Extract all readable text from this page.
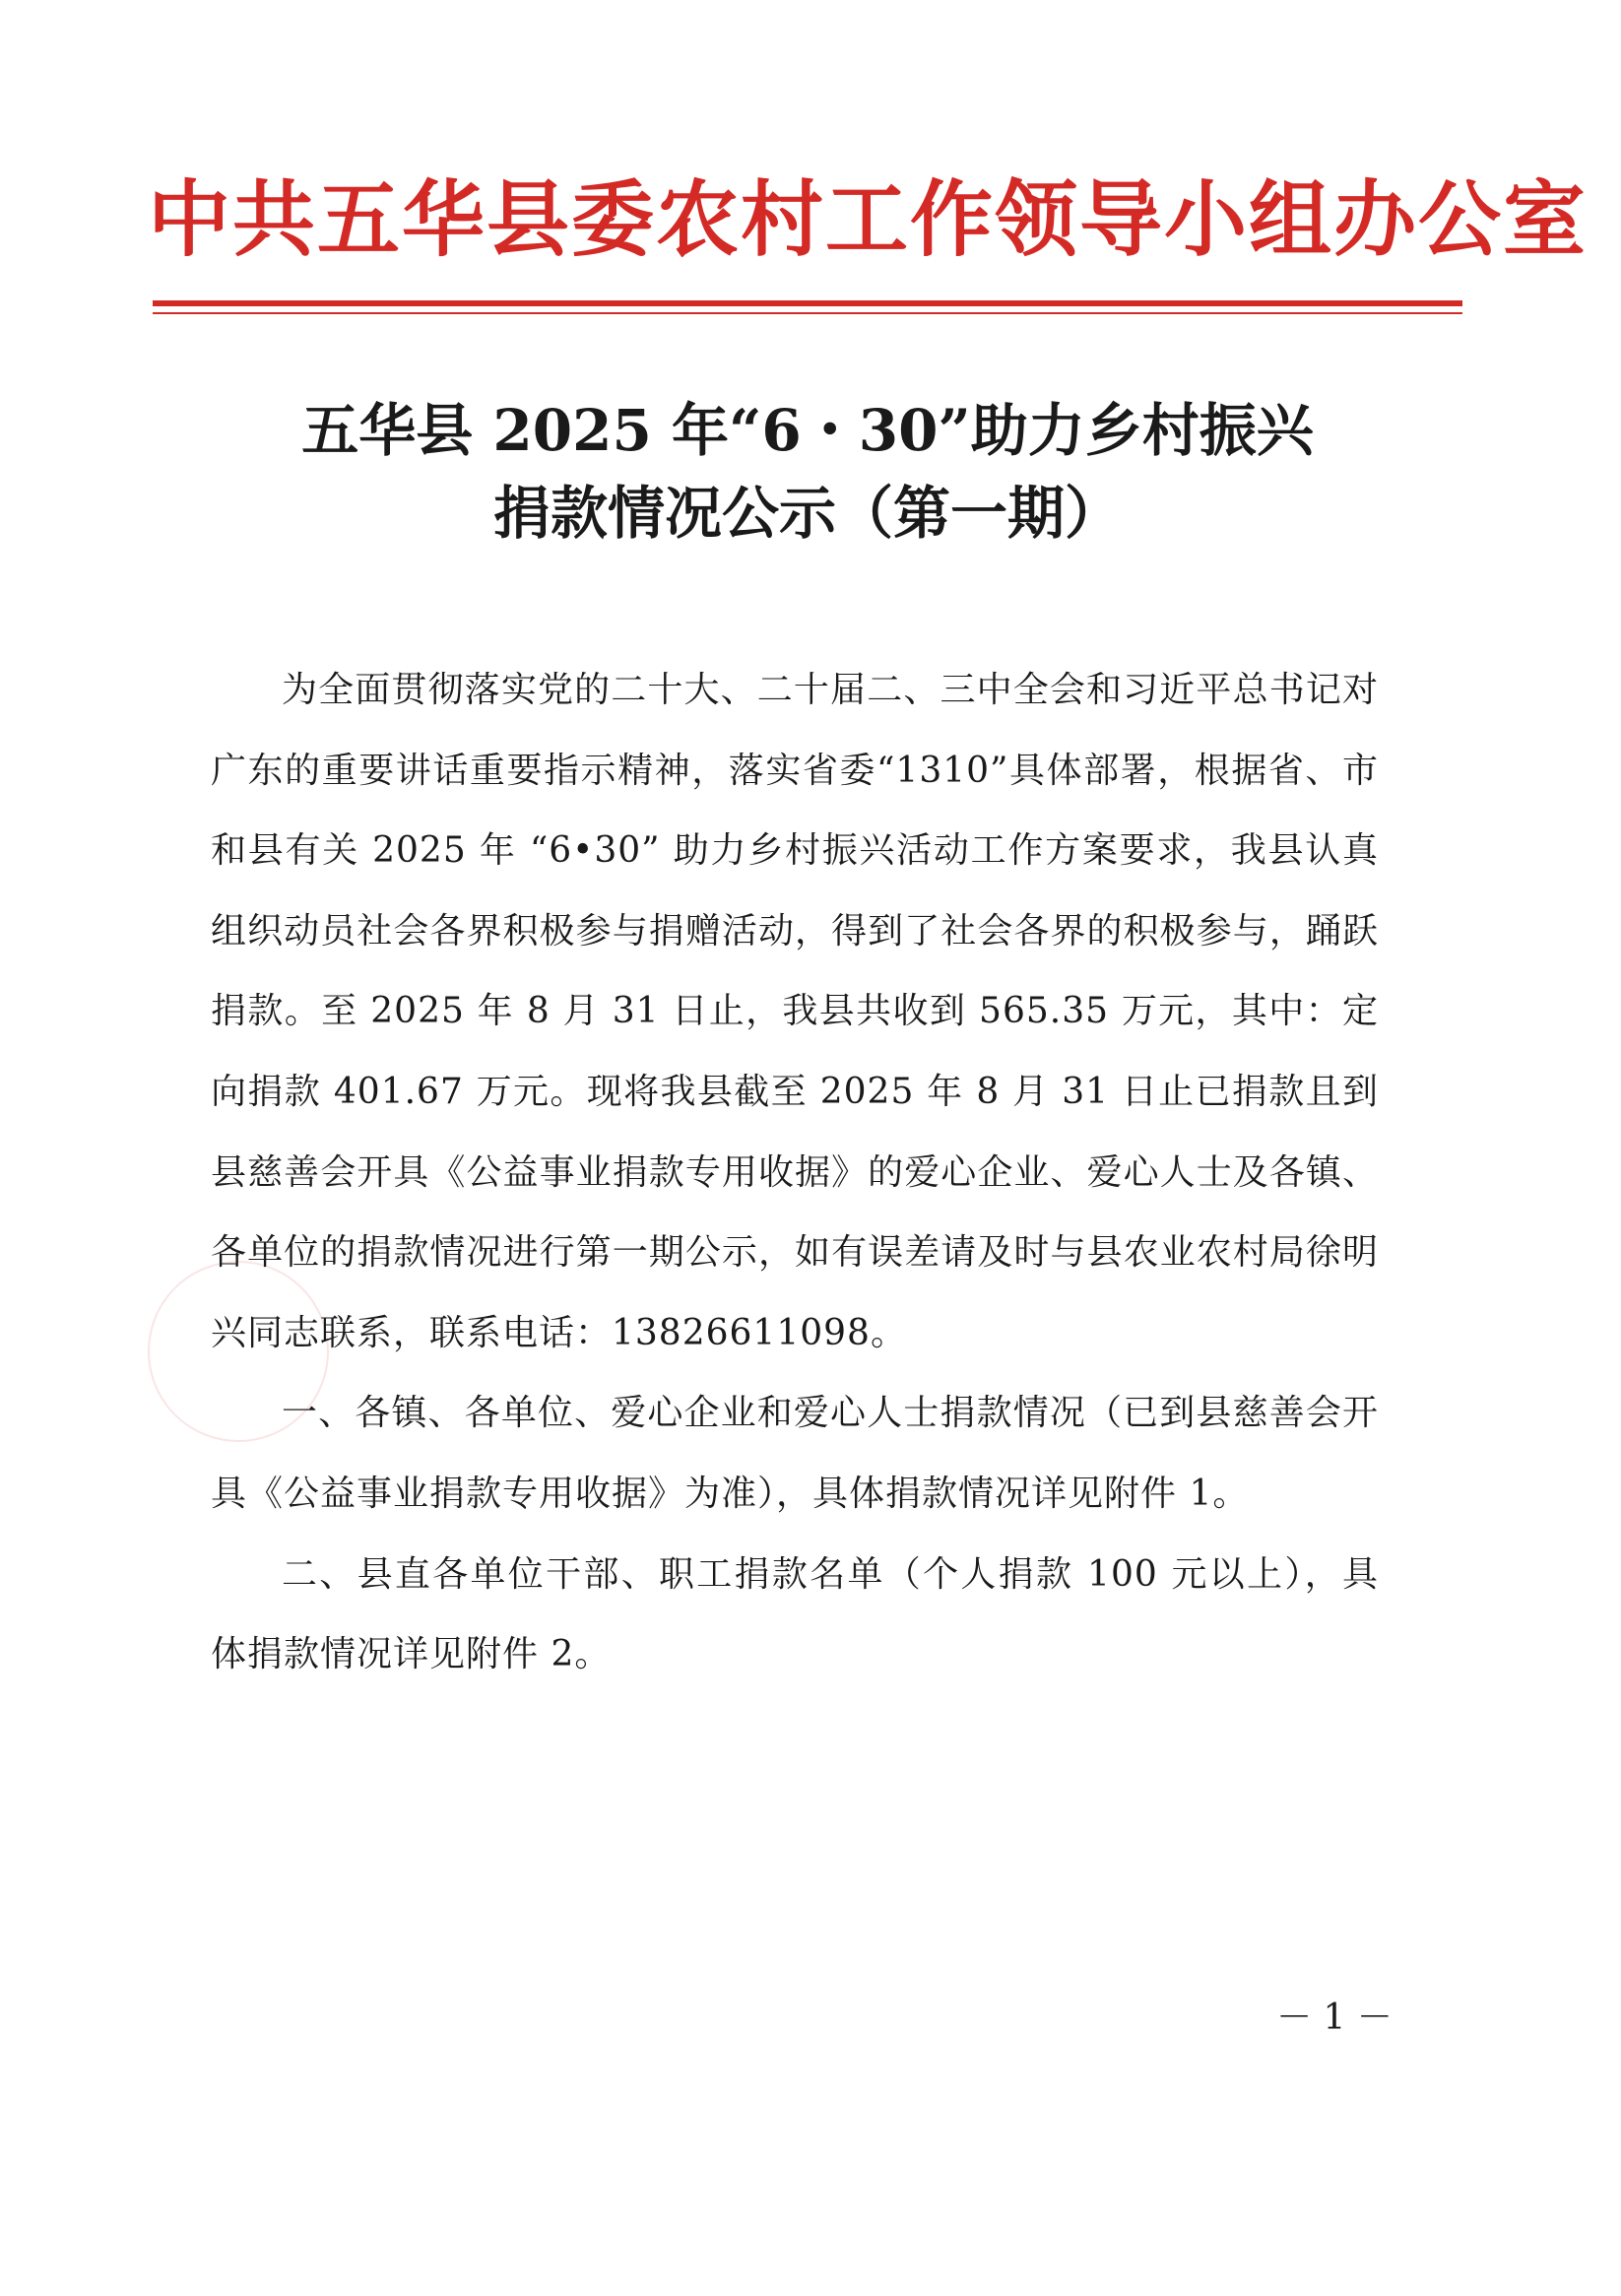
中共五华县委农村工作领导小组办公室
五华县 2025 年“6・30”助力乡村振兴
捐款情况公示（第一期）

为全面贯彻落实党的二十大、二十届二、三中全会和习近平总书记对广东的重要讲话重要指示精神，落实省委“1310”具体部署，根据省、市和县有关 2025 年 “6•30” 助力乡村振兴活动工作方案要求，我县认真组织动员社会各界积极参与捐赠活动，得到了社会各界的积极参与，踊跃捐款。至 2025 年 8 月 31 日止，我县共收到 565.35 万元，其中：定向捐款 401.67 万元。现将我县截至 2025 年 8 月 31 日止已捐款且到县慈善会开具《公益事业捐款专用收据》的爱心企业、爱心人士及各镇、各单位的捐款情况进行第一期公示，如有误差请及时与县农业农村局徐明兴同志联系，联系电话：13826611098。

一、各镇、各单位、爱心企业和爱心人士捐款情况（已到县慈善会开具《公益事业捐款专用收据》为准），具体捐款情况详见附件 1。

二、县直各单位干部、职工捐款名单（个人捐款 100 元以上），具体捐款情况详见附件 2。

－ 1 －
